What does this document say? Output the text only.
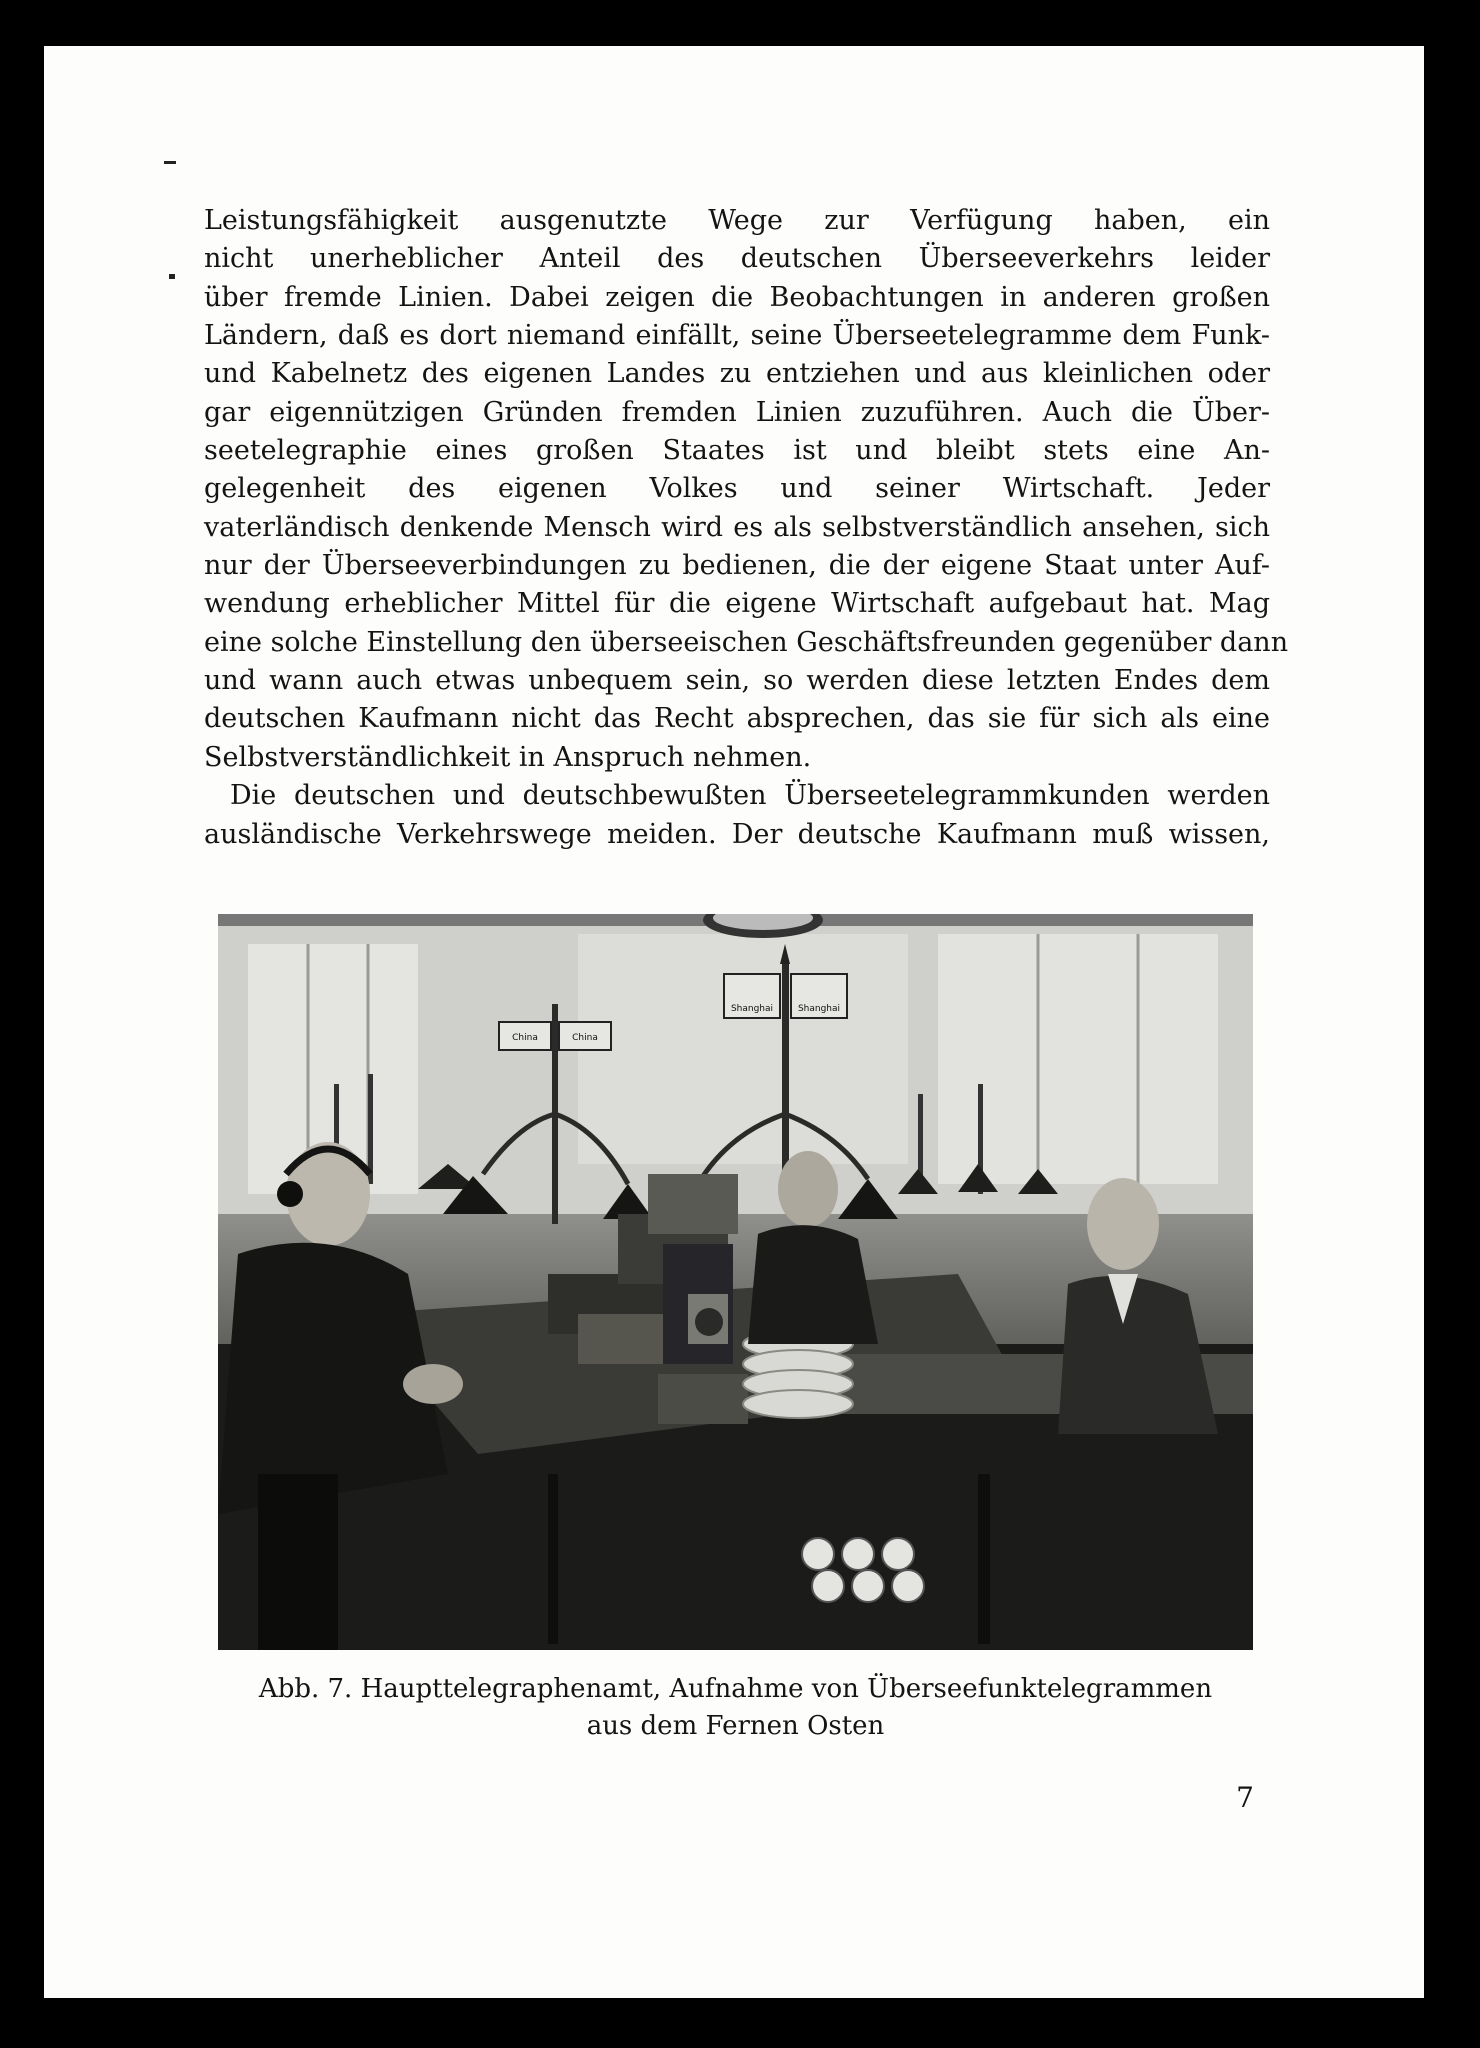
Leistungsfähigkeit ausgenutzte Wege zur Verfügung haben, ein
nicht unerheblicher Anteil des deutschen Überseeverkehrs leider
über fremde Linien. Dabei zeigen die Beobachtungen in anderen großen
Ländern, daß es dort niemand einfällt, seine Überseetelegramme dem Funk-
und Kabelnetz des eigenen Landes zu entziehen und aus kleinlichen oder
gar eigennützigen Gründen fremden Linien zuzuführen. Auch die Über-
seetelegraphie eines großen Staates ist und bleibt stets eine An-
gelegenheit des eigenen Volkes und seiner Wirtschaft. Jeder
vaterländisch denkende Mensch wird es als selbstverständlich ansehen, sich
nur der Überseeverbindungen zu bedienen, die der eigene Staat unter Auf-
wendung erheblicher Mittel für die eigene Wirtschaft aufgebaut hat. Mag
eine solche Einstellung den überseeischen Geschäftsfreunden gegenüber dann
und wann auch etwas unbequem sein, so werden diese letzten Endes dem
deutschen Kaufmann nicht das Recht absprechen, das sie für sich als eine
Selbstverständlichkeit in Anspruch nehmen.
Die deutschen und deutschbewußten Überseetelegrammkunden werden
ausländische Verkehrswege meiden. Der deutsche Kaufmann muß wissen,
China	China
Shanghai	Shanghai
Abb. 7. Haupttelegraphenamt, Aufnahme von Überseefunktelegrammen
aus dem Fernen Osten
7
